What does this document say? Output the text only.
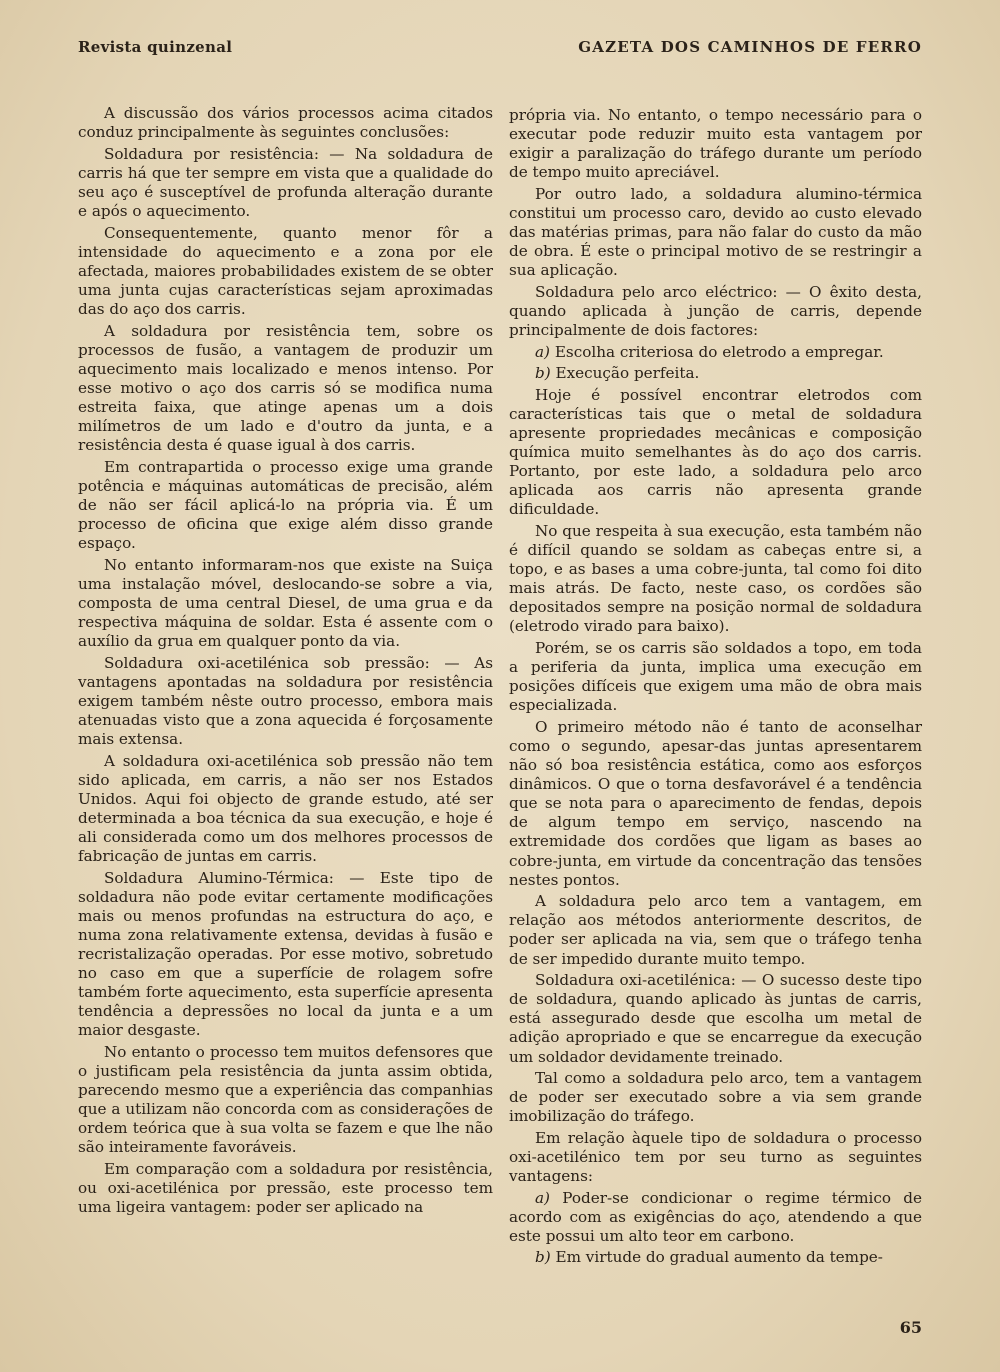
Revista quinzenal	GAZETA DOS CAMINHOS DE FERRO

A discussão dos vários processos acima citados conduz principalmente às seguintes conclusões:

Soldadura por resistência: — Na soldadura de carris há que ter sempre em vista que a qualidade do seu aço é susceptível de profunda alteração durante e após o aquecimento.

Consequentemente, quanto menor fôr a intensidade do aquecimento e a zona por ele afectada, maiores probabilidades existem de se obter uma junta cujas características sejam aproximadas das do aço dos carris.

A soldadura por resistência tem, sobre os processos de fusão, a vantagem de produzir um aquecimento mais localizado e menos intenso. Por esse motivo o aço dos carris só se modifica numa estreita faixa, que atinge apenas um a dois milímetros de um lado e d'outro da junta, e a resistência desta é quase igual à dos carris.

Em contrapartida o processo exige uma grande potência e máquinas automáticas de precisão, além de não ser fácil aplicá-lo na própria via. É um processo de oficina que exige além disso grande espaço.

No entanto informaram-nos que existe na Suiça uma instalação móvel, deslocando-se sobre a via, composta de uma central Diesel, de uma grua e da respectiva máquina de soldar. Esta é assente com o auxílio da grua em qualquer ponto da via.

Soldadura oxi-acetilénica sob pressão: — As vantagens apontadas na soldadura por resistência exigem também nêste outro processo, embora mais atenuadas visto que a zona aquecida é forçosamente mais extensa.

A soldadura oxi-acetilénica sob pressão não tem sido aplicada, em carris, a não ser nos Estados Unidos. Aqui foi objecto de grande estudo, até ser determinada a boa técnica da sua execução, e hoje é ali considerada como um dos melhores processos de fabricação de juntas em carris.

Soldadura Alumino-Térmica: — Este tipo de soldadura não pode evitar certamente modificações mais ou menos profundas na estructura do aço, e numa zona relativamente extensa, devidas à fusão e recristalização operadas. Por esse motivo, sobretudo no caso em que a superfície de rolagem sofre também forte aquecimento, esta superfície apresenta tendência a depressões no local da junta e a um maior desgaste.

No entanto o processo tem muitos defensores que o justificam pela resistência da junta assim obtida, parecendo mesmo que a experiência das companhias que a utilizam não concorda com as considerações de ordem teórica que à sua volta se fazem e que lhe não são inteiramente favoráveis.

Em comparação com a soldadura por resistência, ou oxi-acetilénica por pressão, este processo tem uma ligeira vantagem: poder ser aplicado na

própria via. No entanto, o tempo necessário para o executar pode reduzir muito esta vantagem por exigir a paralização do tráfego durante um período de tempo muito apreciável.

Por outro lado, a soldadura alumino-térmica constitui um processo caro, devido ao custo elevado das matérias primas, para não falar do custo da mão de obra. É este o principal motivo de se restringir a sua aplicação.

Soldadura pelo arco eléctrico: — O êxito desta, quando aplicada à junção de carris, depende principalmente de dois factores:

a) Escolha criteriosa do eletrodo a empregar.

b) Execução perfeita.

Hoje é possível encontrar eletrodos com características tais que o metal de soldadura apresente propriedades mecânicas e composição química muito semelhantes às do aço dos carris. Portanto, por este lado, a soldadura pelo arco aplicada aos carris não apresenta grande dificuldade.

No que respeita à sua execução, esta também não é difícil quando se soldam as cabeças entre si, a topo, e as bases a uma cobre-junta, tal como foi dito mais atrás. De facto, neste caso, os cordões são depositados sempre na posição normal de soldadura (eletrodo virado para baixo).

Porém, se os carris são soldados a topo, em toda a periferia da junta, implica uma execução em posições difíceis que exigem uma mão de obra mais especializada.

O primeiro método não é tanto de aconselhar como o segundo, apesar-das juntas apresentarem não só boa resistência estática, como aos esforços dinâmicos. O que o torna desfavorável é a tendência que se nota para o aparecimento de fendas, depois de algum tempo em serviço, nascendo na extremidade dos cordões que ligam as bases ao cobre-junta, em virtude da concentração das tensões nestes pontos.

A soldadura pelo arco tem a vantagem, em relação aos métodos anteriormente descritos, de poder ser aplicada na via, sem que o tráfego tenha de ser impedido durante muito tempo.

Soldadura oxi-acetilénica: — O sucesso deste tipo de soldadura, quando aplicado às juntas de carris, está assegurado desde que escolha um metal de adição apropriado e que se encarregue da execução um soldador devidamente treinado.

Tal como a soldadura pelo arco, tem a vantagem de poder ser executado sobre a via sem grande imobilização do tráfego.

Em relação àquele tipo de soldadura o processo oxi-acetilénico tem por seu turno as seguintes vantagens:

a) Poder-se condicionar o regime térmico de acordo com as exigências do aço, atendendo a que este possui um alto teor em carbono.

b) Em virtude do gradual aumento da tempe-

65
